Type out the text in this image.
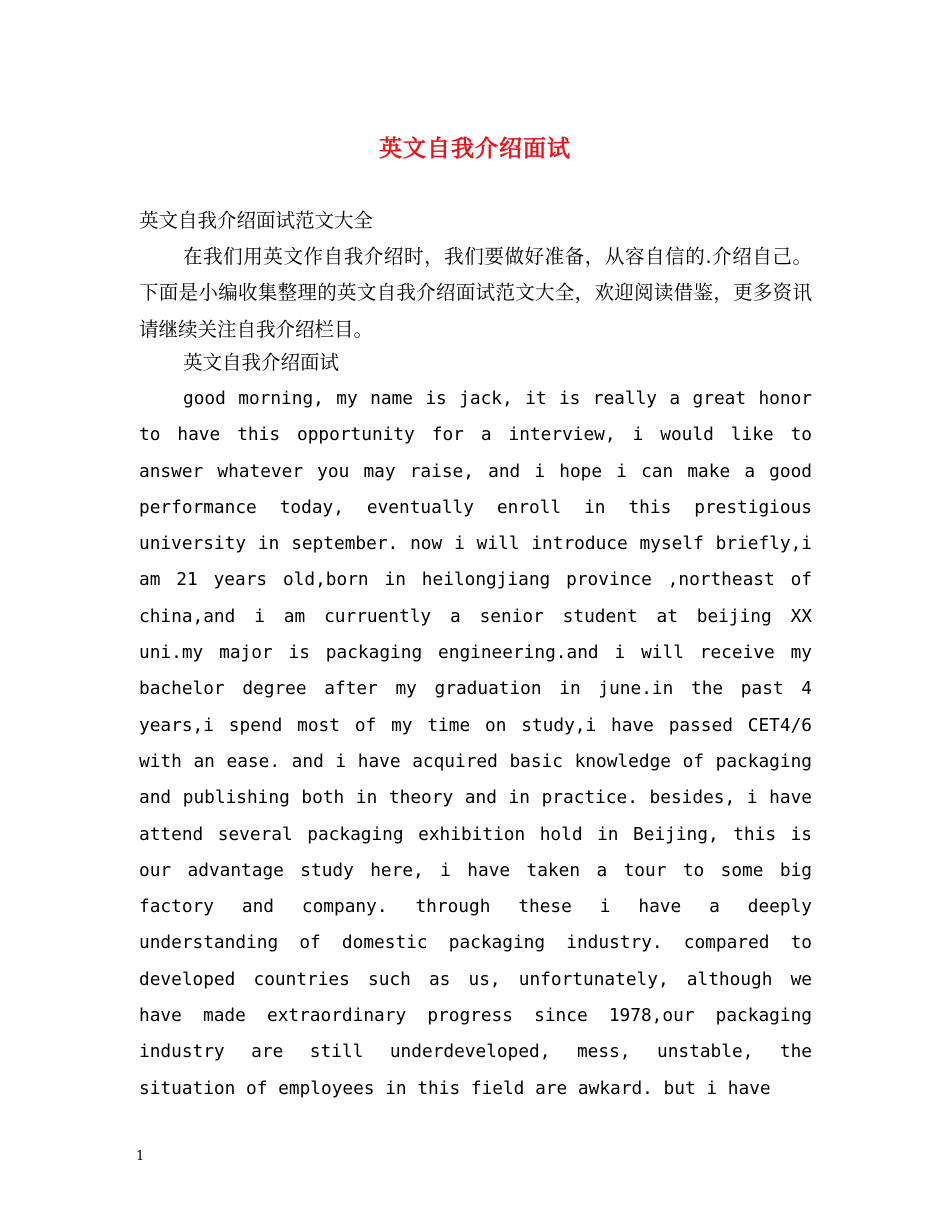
英文自我介绍面试

英文自我介绍面试范文大全

在我们用英文作自我介绍时，我们要做好准备，从容自信的.介绍自己。下面是小编收集整理的英文自我介绍面试范文大全，欢迎阅读借鉴，更多资讯请继续关注自我介绍栏目。

英文自我介绍面试

good morning, my name is jack, it is really a great honor to have this opportunity for a interview, i would like to answer whatever you may raise, and i hope i can make a good performance today, eventually enroll in this prestigious university in september. now i will introduce myself briefly,i am 21 years old,born in heilongjiang province ,northeast of china,and i am curruently a senior student at beijing XX uni.my major is packaging engineering.and i will receive my bachelor degree after my graduation in june.in the past 4 years,i spend most of my time on study,i have passed CET4/6 with an ease. and i have acquired basic knowledge of packaging and publishing both in theory and in practice. besides, i have attend several packaging exhibition hold in Beijing, this is our advantage study here, i have taken a tour to some big factory and company. through these i have a deeply understanding of domestic packaging industry. compared to developed countries such as us, unfortunately, although we have made extraordinary progress since 1978,our packaging industry are still underdeveloped, mess, unstable, the situation of employees in this field are awkard. but i have

1
